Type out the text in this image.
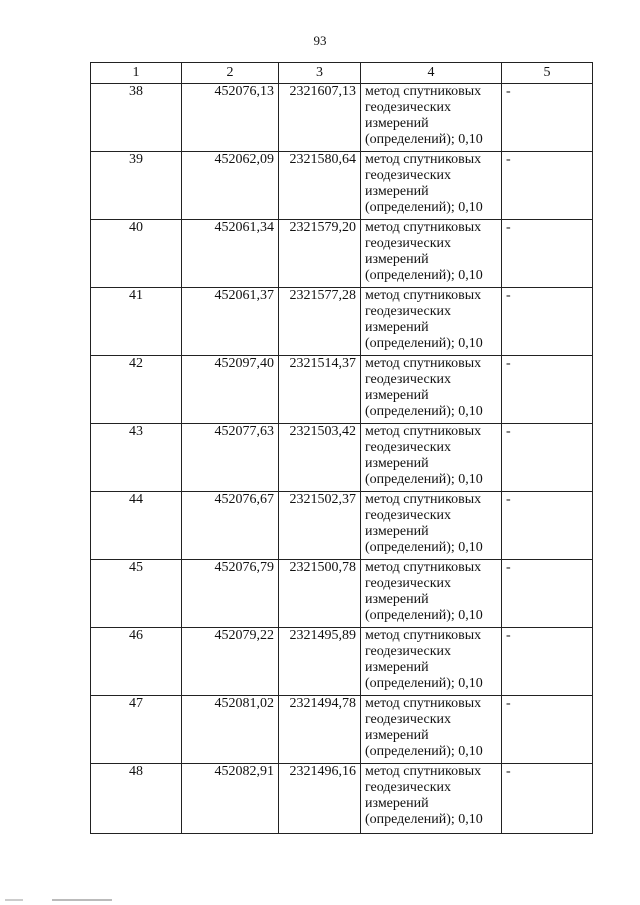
93
1	2	3	4	5
38	452076,13	2321607,13	метод спутниковых
геодезических
измерений
(определений); 0,10	-
39	452062,09	2321580,64	метод спутниковых
геодезических
измерений
(определений); 0,10	-
40	452061,34	2321579,20	метод спутниковых
геодезических
измерений
(определений); 0,10	-
41	452061,37	2321577,28	метод спутниковых
геодезических
измерений
(определений); 0,10	-
42	452097,40	2321514,37	метод спутниковых
геодезических
измерений
(определений); 0,10	-
43	452077,63	2321503,42	метод спутниковых
геодезических
измерений
(определений); 0,10	-
44	452076,67	2321502,37	метод спутниковых
геодезических
измерений
(определений); 0,10	-
45	452076,79	2321500,78	метод спутниковых
геодезических
измерений
(определений); 0,10	-
46	452079,22	2321495,89	метод спутниковых
геодезических
измерений
(определений); 0,10	-
47	452081,02	2321494,78	метод спутниковых
геодезических
измерений
(определений); 0,10	-
48	452082,91	2321496,16	метод спутниковых
геодезических
измерений
(определений); 0,10	-
